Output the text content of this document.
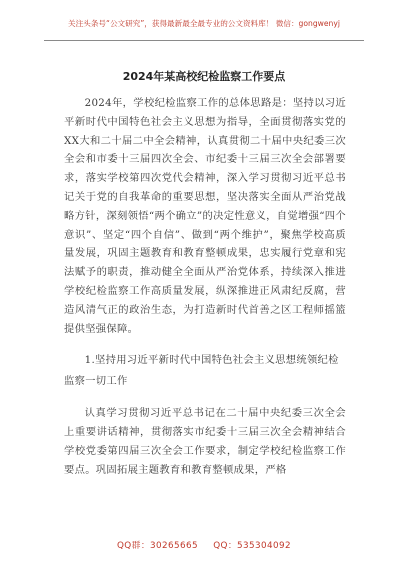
关注头条号“公文研究”，获得最新最全最专业的公文资料库！ 微信：gongwenyj
2024年某高校纪检监察工作要点

2024年，学校纪检监察工作的总体思路是：坚持以习近平新时代中国特色社会主义思想为指导，全面贯彻落实党的XX大和二十届二中全会精神，认真贯彻二十届中央纪委三次全会和市委十三届四次全会、市纪委十三届三次全会部署要求，落实学校第四次党代会精神，深入学习贯彻习近平总书记关于党的自我革命的重要思想，坚决落实全面从严治党战略方针，深刻领悟“两个确立”的决定性意义，自觉增强“四个意识”、坚定“四个自信”、做到“两个维护”，聚焦学校高质量发展，巩固主题教育和教育整顿成果，忠实履行党章和宪法赋予的职责，推动健全全面从严治党体系，持续深入推进学校纪检监察工作高质量发展，纵深推进正风肃纪反腐，营造风清气正的政治生态，为打造新时代首善之区工程师摇篮提供坚强保障。

1.坚持用习近平新时代中国特色社会主义思想统领纪检监察一切工作

认真学习贯彻习近平总书记在二十届中央纪委三次全会上重要讲话精神，贯彻落实市纪委十三届三次全会精神结合学校党委第四届三次全会工作要求，制定学校纪检监察工作要点。巩固拓展主题教育和教育整顿成果，严格

QQ群：30265665 QQ：535304092
